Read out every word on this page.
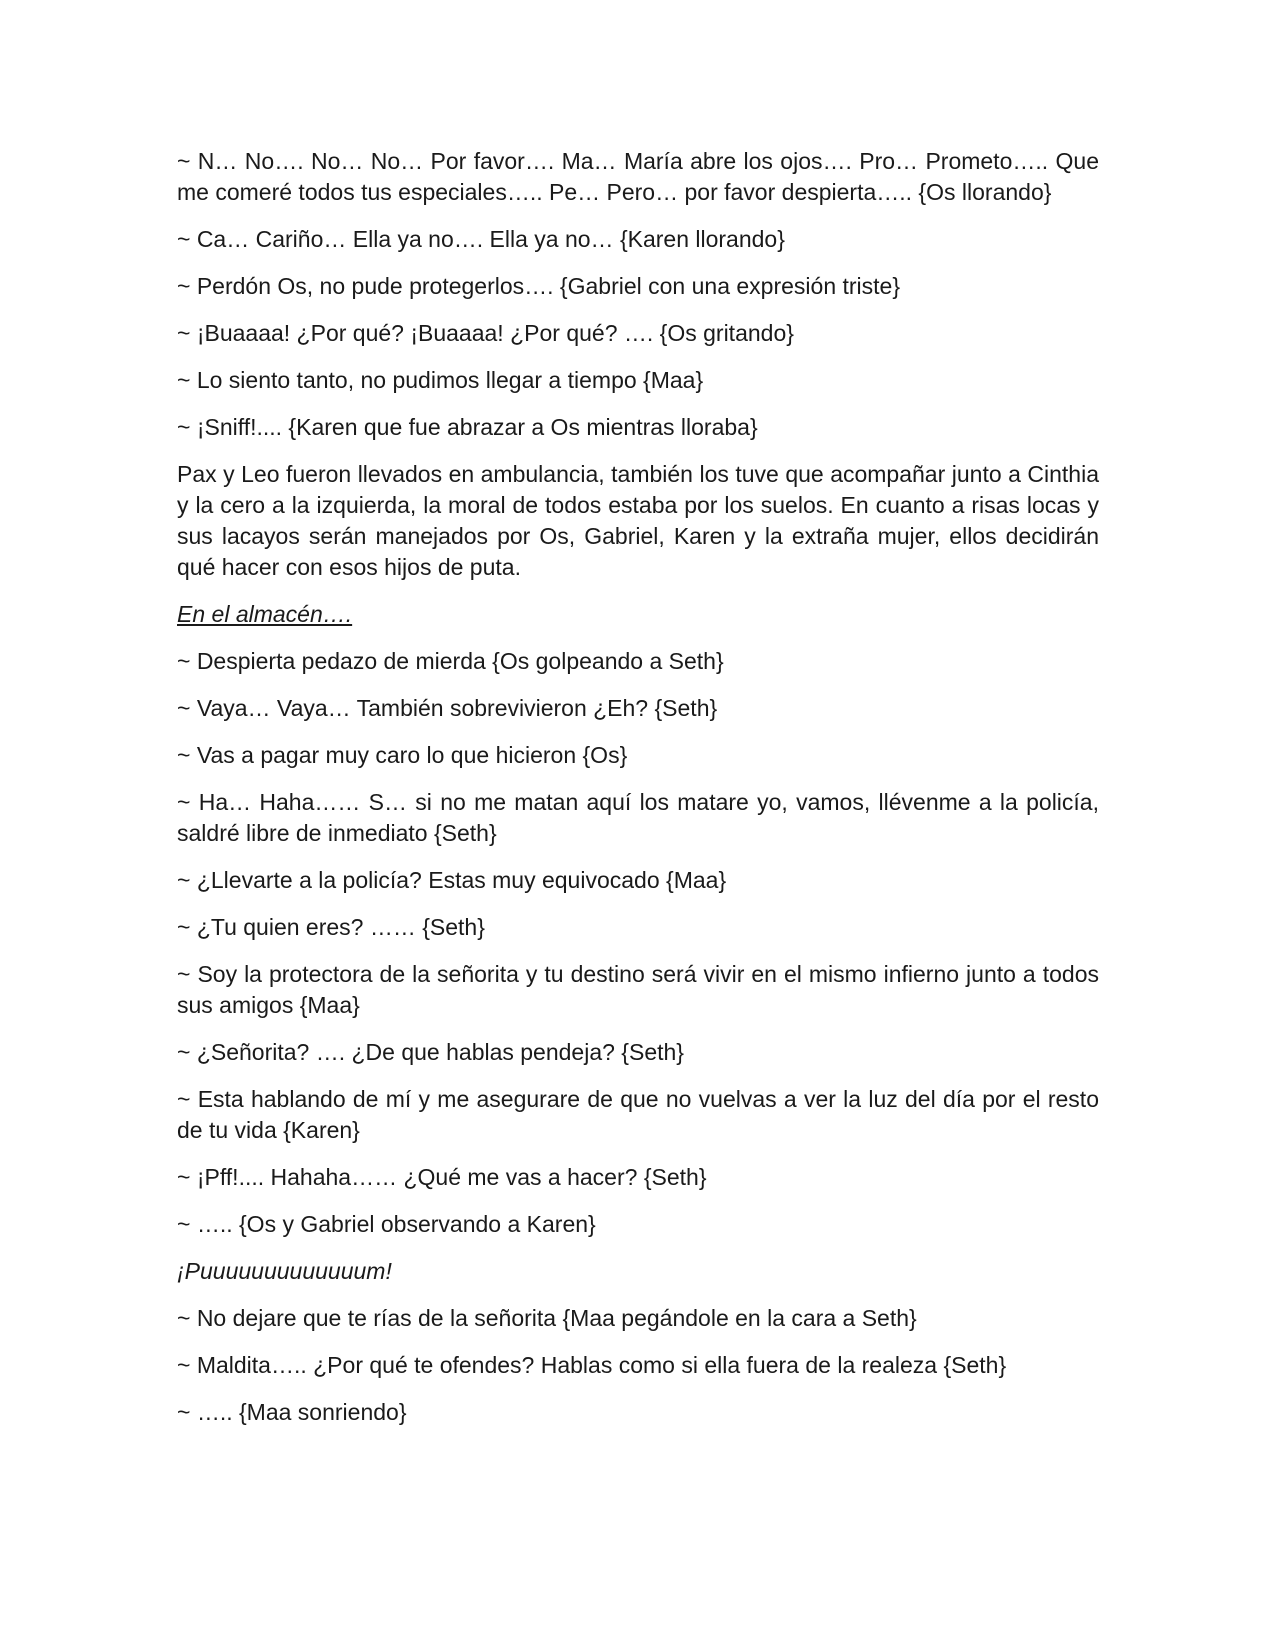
~ N… No…. No… No… Por favor…. Ma… María abre los ojos…. Pro… Prometo….. Que me comeré todos tus especiales….. Pe… Pero… por favor despierta….. {Os llorando}

~ Ca… Cariño… Ella ya no…. Ella ya no… {Karen llorando}

~ Perdón Os, no pude protegerlos…. {Gabriel con una expresión triste}

~ ¡Buaaaa! ¿Por qué? ¡Buaaaa! ¿Por qué? …. {Os gritando}

~ Lo siento tanto, no pudimos llegar a tiempo {Maa}

~ ¡Sniff!.... {Karen que fue abrazar a Os mientras lloraba}

Pax y Leo fueron llevados en ambulancia, también los tuve que acompañar junto a Cinthia y la cero a la izquierda, la moral de todos estaba por los suelos. En cuanto a risas locas y sus lacayos serán manejados por Os, Gabriel, Karen y la extraña mujer, ellos decidirán qué hacer con esos hijos de puta.

En el almacén….

~ Despierta pedazo de mierda {Os golpeando a Seth}

~ Vaya… Vaya… También sobrevivieron ¿Eh? {Seth}

~ Vas a pagar muy caro lo que hicieron {Os}

~ Ha… Haha…… S… si no me matan aquí los matare yo, vamos, llévenme a la policía, saldré libre de inmediato {Seth}

~ ¿Llevarte a la policía? Estas muy equivocado {Maa}

~ ¿Tu quien eres? …… {Seth}

~ Soy la protectora de la señorita y tu destino será vivir en el mismo infierno junto a todos sus amigos {Maa}

~ ¿Señorita? …. ¿De que hablas pendeja? {Seth}

~ Esta hablando de mí y me asegurare de que no vuelvas a ver la luz del día por el resto de tu vida {Karen}

~ ¡Pff!.... Hahaha…… ¿Qué me vas a hacer? {Seth}

~ ….. {Os y Gabriel observando a Karen}

¡Puuuuuuuuuuuuum!

~ No dejare que te rías de la señorita {Maa pegándole en la cara a Seth}

~ Maldita….. ¿Por qué te ofendes? Hablas como si ella fuera de la realeza {Seth}

~ ….. {Maa sonriendo}
